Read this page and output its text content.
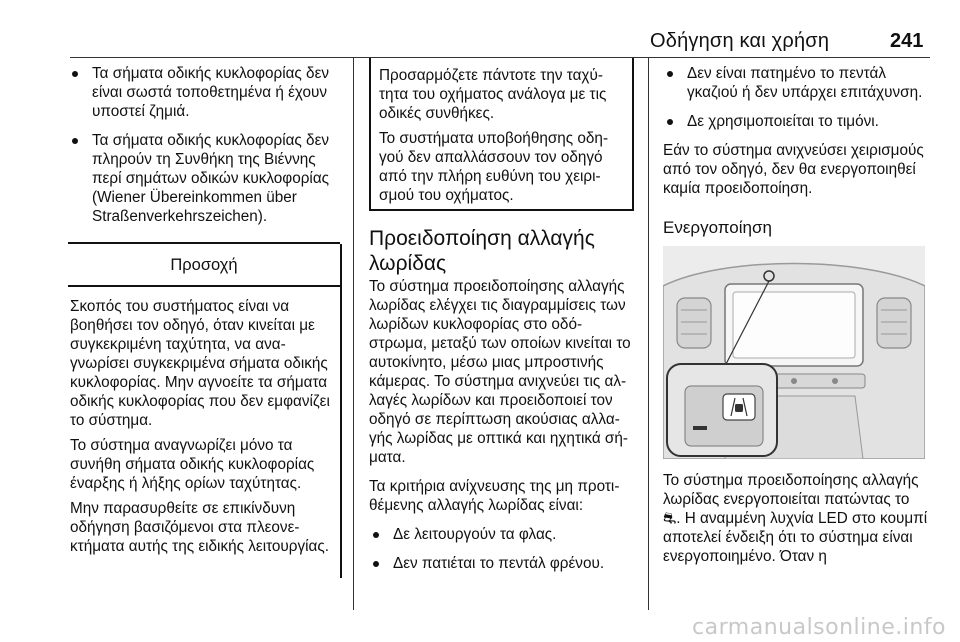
Οδήγηση και χρήση	241
Τα σήματα οδικής κυκλοφορίας δεν είναι σωστά τοποθετημένα ή έχουν υποστεί ζημιά.
Τα σήματα οδικής κυκλοφορίας δεν πληρούν τη Συνθήκη της Βιέννης περί σημάτων οδικών κυκλοφορίας (Wiener Übereinkommen über Straßenverkehrszeichen).
Προσοχή

Σκοπός του συστήματος είναι να βοηθήσει τον οδηγό, όταν κινείται με συγκεκριμένη ταχύτητα, να αναγνωρίσει συγκεκριμένα σήματα οδικής κυκλοφορίας. Μην αγνοείτε τα σήματα οδικής κυκλοφορίας που δεν εμφανίζει το σύστημα.

Το σύστημα αναγνωρίζει μόνο τα συνήθη σήματα οδικής κυκλοφορίας έναρξης ή λήξης ορίων ταχύτητας.

Μην παρασυρθείτε σε επικίνδυνη οδήγηση βασιζόμενοι στα πλεονεκτήματα αυτής της ειδικής λειτουργίας.

Προσαρμόζετε πάντοτε την ταχύτητα του οχήματος ανάλογα με τις οδικές συνθήκες.

Το συστήματα υποβοήθησης οδηγού δεν απαλλάσσουν τον οδηγό από την πλήρη ευθύνη του χειρισμού του οχήματος.

Προειδοποίηση αλλαγής λωρίδας

Το σύστημα προειδοποίησης αλλαγής λωρίδας ελέγχει τις διαγραμμίσεις των λωρίδων κυκλοφορίας στο οδόστρωμα, μεταξύ των οποίων κινείται το αυτοκίνητο, μέσω μιας μπροστινής κάμερας. Το σύστημα ανιχνεύει τις αλλαγές λωρίδων και προειδοποιεί τον οδηγό σε περίπτωση ακούσιας αλλαγής λωρίδας με οπτικά και ηχητικά σήματα.

Τα κριτήρια ανίχνευσης της μη προτιθέμενης αλλαγής λωρίδας είναι:

Δε λειτουργούν τα φλας.
Δεν πατιέται το πεντάλ φρένου.
Δεν είναι πατημένο το πεντάλ γκαζιού ή δεν υπάρχει επιτάχυνση.
Δε χρησιμοποιείται το τιμόνι.

Εάν το σύστημα ανιχνεύσει χειρισμούς από τον οδηγό, δεν θα ενεργοποιηθεί καμία προειδοποίηση.

Ενεργοποίηση

Το σύστημα προειδοποίησης αλλαγής λωρίδας ενεργοποιείται πατώντας το ⛐. Η αναμμένη λυχνία LED στο κουμπί αποτελεί ένδειξη ότι το σύστημα είναι ενεργοποιημένο. Όταν η

carmanualsonline.info
